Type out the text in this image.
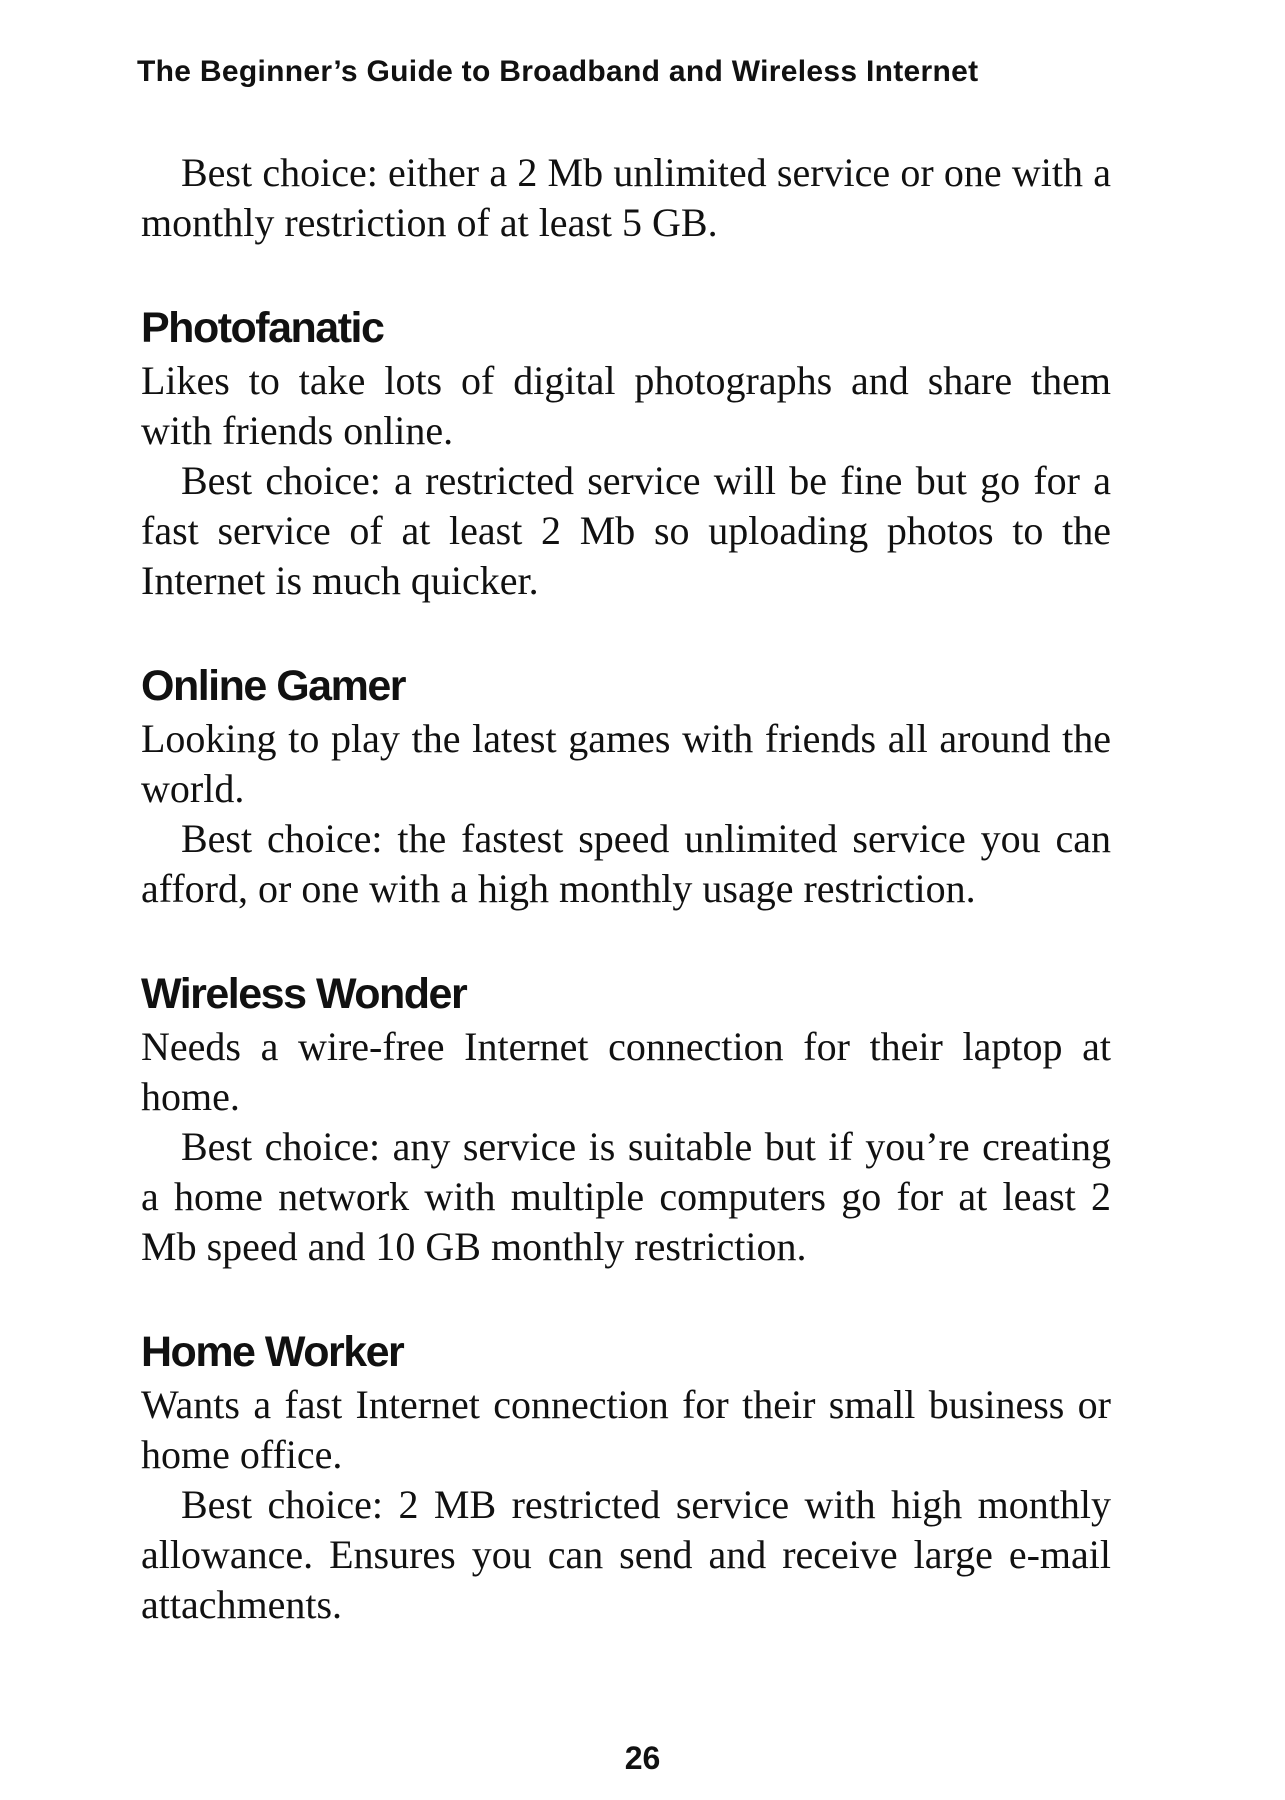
The Beginner’s Guide to Broadband and Wireless Internet

Best choice: either a 2 Mb unlimited service or one with a monthly restriction of at least 5 GB.

Photofanatic

Likes to take lots of digital photographs and share them with friends online.

Best choice: a restricted service will be fine but go for a fast service of at least 2 Mb so uploading photos to the Internet is much quicker.

Online Gamer

Looking to play the latest games with friends all around the world.

Best choice: the fastest speed unlimited service you can afford, or one with a high monthly usage restriction.

Wireless Wonder

Needs a wire-free Internet connection for their laptop at home.

Best choice: any service is suitable but if you’re creating a home network with multiple computers go for at least 2 Mb speed and 10 GB monthly restriction.

Home Worker

Wants a fast Internet connection for their small business or home office.

Best choice: 2 MB restricted service with high monthly allowance. Ensures you can send and receive large e-mail attachments.

26
